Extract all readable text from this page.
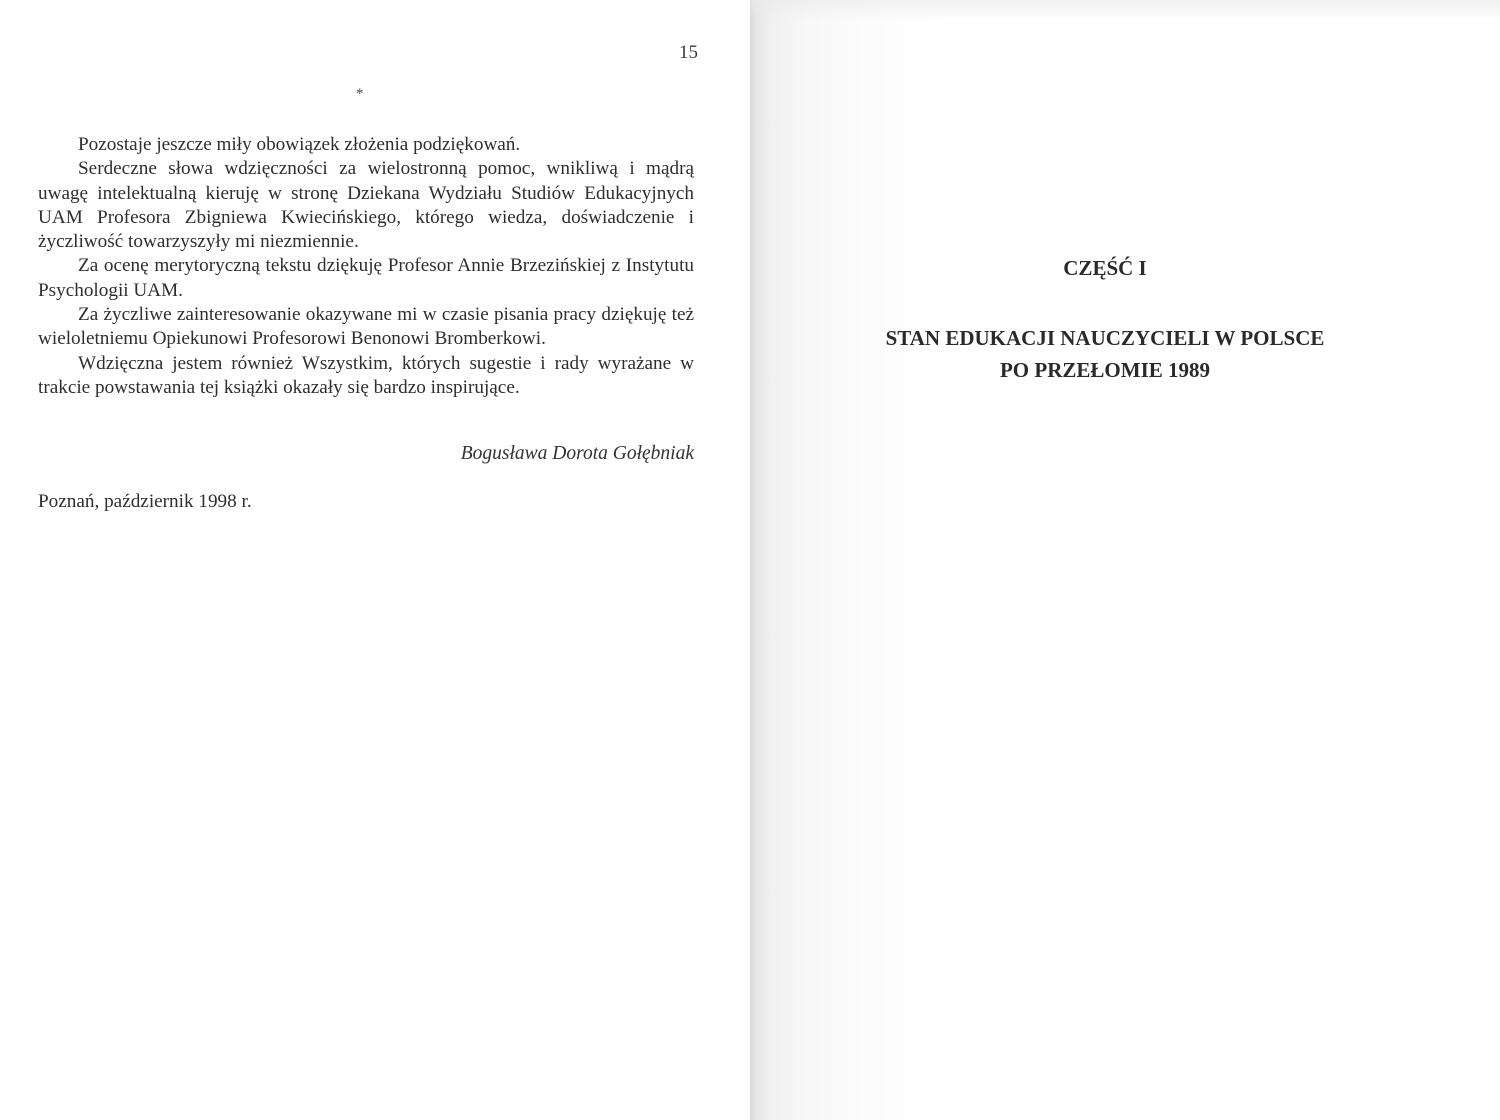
15
*

Pozostaje jeszcze miły obowiązek złożenia podziękowań.

Serdeczne słowa wdzięczności za wielostronną pomoc, wnikliwą i mądrą uwagę intelektualną kieruję w stronę Dziekana Wydziału Studiów Edukacyjnych UAM Profesora Zbigniewa Kwiecińskiego, którego wiedza, doświadczenie i życzliwość towarzyszyły mi niezmiennie.

Za ocenę merytoryczną tekstu dziękuję Profesor Annie Brzezińskiej z Instytutu Psychologii UAM.

Za życzliwe zainteresowanie okazywane mi w czasie pisania pracy dziękuję też wieloletniemu Opiekunowi Profesorowi Benonowi Bromberkowi.

Wdzięczna jestem również Wszystkim, których sugestie i rady wyrażane w trakcie powstawania tej książki okazały się bardzo inspirujące.

Bogusława Dorota Gołębniak
Poznań, październik 1998 r.
CZĘŚĆ I
STAN EDUKACJI NAUCZYCIELI W POLSCE
PO PRZEŁOMIE 1989
